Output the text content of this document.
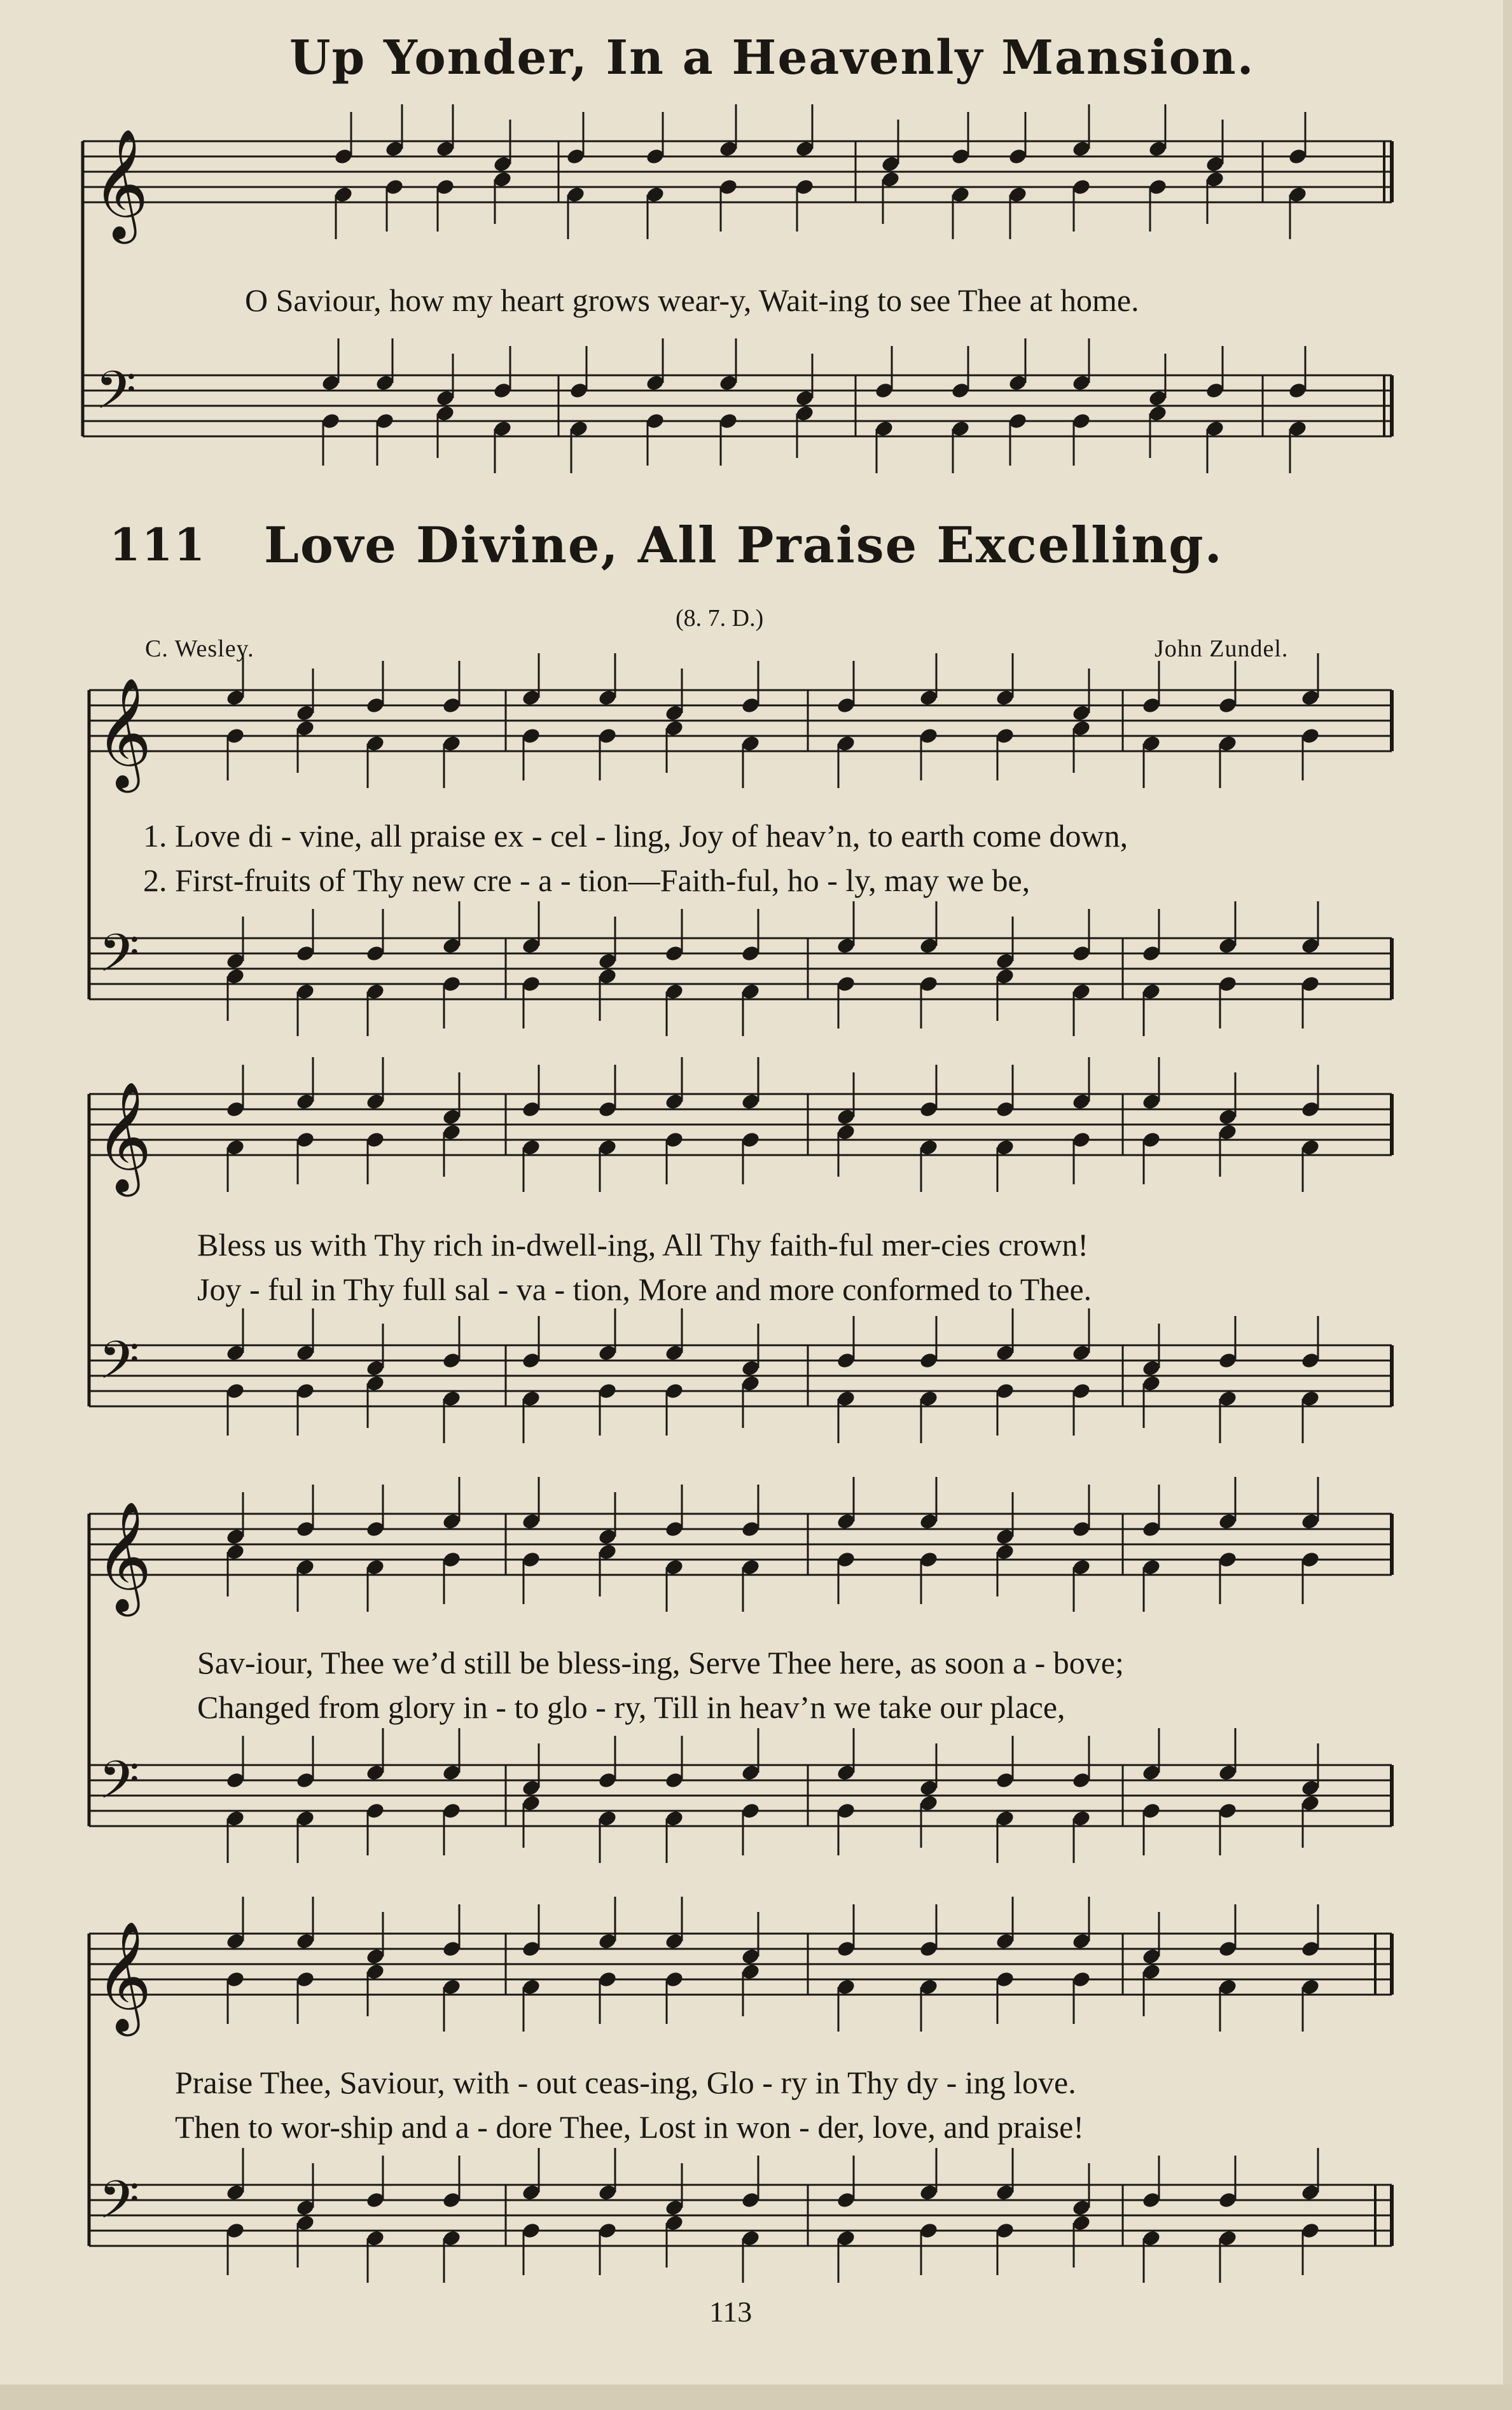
𝄞
𝄢
𝄞
𝄢
𝄞
𝄢
𝄞
𝄢
𝄞
𝄢
Up Yonder, In a Heavenly Mansion.
O Saviour, how my heart grows wear-y, Wait-ing to see Thee at home.
111 Love Divine, All Praise Excelling.
(8. 7. D.)
C. Wesley.	John Zundel.
1. Love di - vine, all praise ex - cel - ling, Joy of heav’n, to earth come down,
2. First-fruits of Thy new cre - a - tion—Faith-ful, ho - ly, may we be,
Bless us with Thy rich in-dwell-ing, All Thy faith-ful mer-cies crown!
Joy - ful in Thy full sal - va - tion, More and more conformed to Thee.
Sav-iour, Thee we’d still be bless-ing, Serve Thee here, as soon a - bove;
Changed from glory in - to glo - ry, Till in heav’n we take our place,
Praise Thee, Saviour, with - out ceas-ing, Glo - ry in Thy dy - ing love.
Then to wor-ship and a - dore Thee, Lost in won - der, love, and praise!
113
